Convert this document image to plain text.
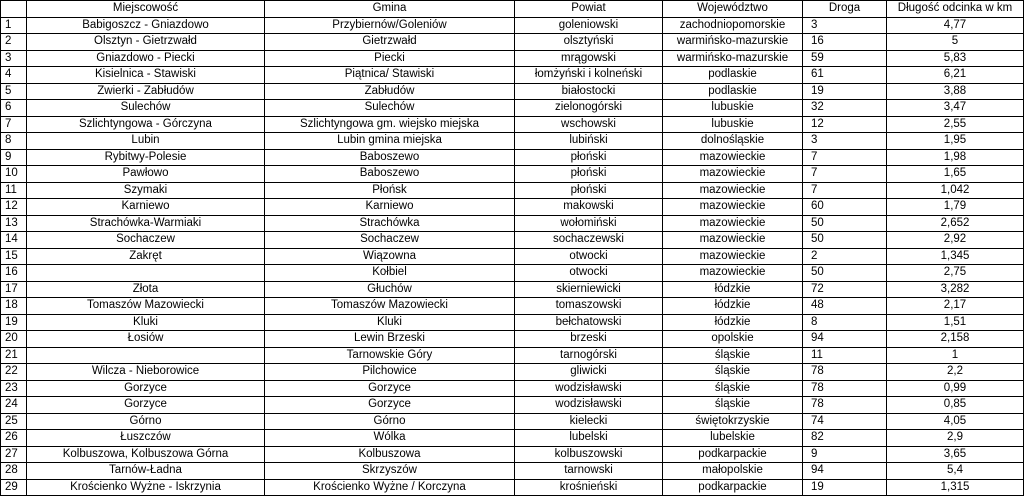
	Miejscowość	Gmina	Powiat	Województwo	Droga	Długość odcinka w km
1	Babigoszcz - Gniazdowo	Przybiernów/Goleniów	goleniowski	zachodniopomorskie	3	4,77
2	Olsztyn - Gietrzwałd	Gietrzwałd	olsztyński	warmińsko-mazurskie	16	5
3	Gniazdowo - Piecki	Piecki	mrągowski	warmińsko-mazurskie	59	5,83
4	Kisielnica - Stawiski	Piątnica/ Stawiski	łomżyński i kolneński	podlaskie	61	6,21
5	Zwierki - Zabłudów	Zabłudów	białostocki	podlaskie	19	3,88
6	Sulechów	Sulechów	zielonogórski	lubuskie	32	3,47
7	Szlichtyngowa - Górczyna	Szlichtyngowa gm. wiejsko miejska	wschowski	lubuskie	12	2,55
8	Lubin	Lubin gmina miejska	lubiński	dolnośląskie	3	1,95
9	Rybitwy-Polesie	Baboszewo	płoński	mazowieckie	7	1,98
10	Pawłowo	Baboszewo	płoński	mazowieckie	7	1,65
11	Szymaki	Płońsk	płoński	mazowieckie	7	1,042
12	Karniewo	Karniewo	makowski	mazowieckie	60	1,79
13	Strachówka-Warmiaki	Strachówka	wołomiński	mazowieckie	50	2,652
14	Sochaczew	Sochaczew	sochaczewski	mazowieckie	50	2,92
15	Zakręt	Wiązowna	otwocki	mazowieckie	2	1,345
16		Kołbiel	otwocki	mazowieckie	50	2,75
17	Złota	Głuchów	skierniewicki	łódzkie	72	3,282
18	Tomaszów Mazowiecki	Tomaszów Mazowiecki	tomaszowski	łódzkie	48	2,17
19	Kluki	Kluki	bełchatowski	łódzkie	8	1,51
20	Łosiów	Lewin Brzeski	brzeski	opolskie	94	2,158
21		Tarnowskie Góry	tarnogórski	śląskie	11	1
22	Wilcza - Nieborowice	Pilchowice	gliwicki	śląskie	78	2,2
23	Gorzyce	Gorzyce	wodzisławski	śląskie	78	0,99
24	Gorzyce	Gorzyce	wodzisławski	śląskie	78	0,85
25	Górno	Górno	kielecki	świętokrzyskie	74	4,05
26	Łuszczów	Wólka	lubelski	lubelskie	82	2,9
27	Kolbuszowa, Kolbuszowa Górna	Kolbuszowa	kolbuszowski	podkarpackie	9	3,65
28	Tarnów-Ładna	Skrzyszów	tarnowski	małopolskie	94	5,4
29	Krościenko Wyżne - Iskrzynia	Krościenko Wyżne / Korczyna	krośnieński	podkarpackie	19	1,315
